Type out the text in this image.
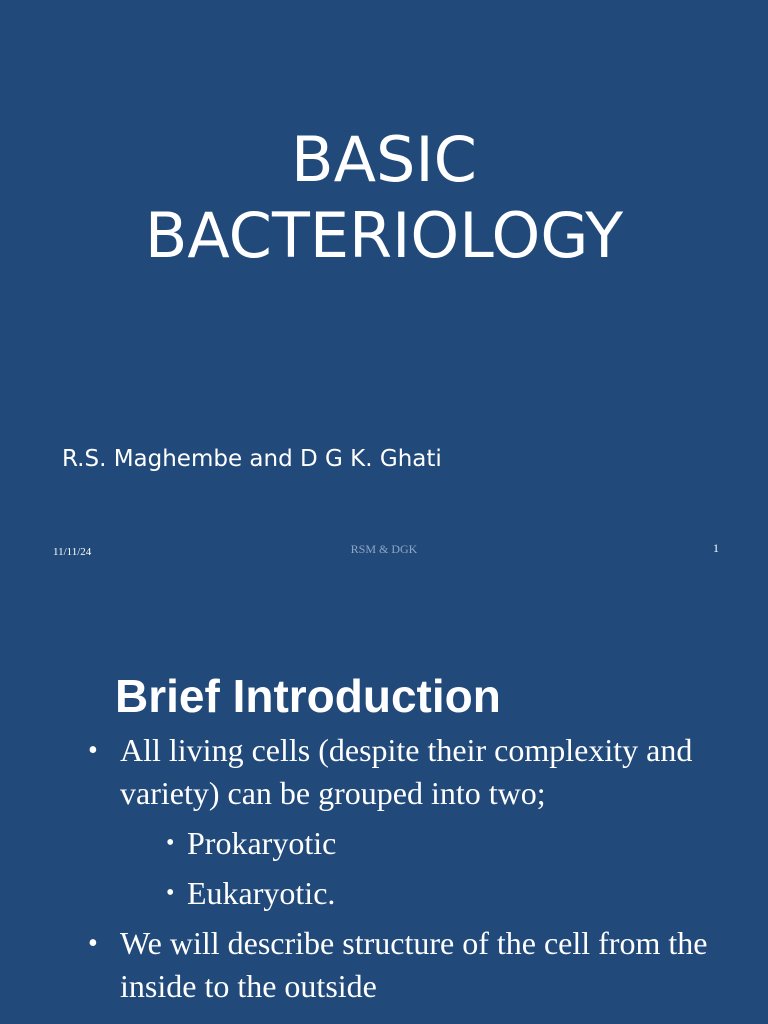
BASIC
BACTERIOLOGY
R.S. Maghembe and D G K. Ghati
11/11/24	RSM & DGK	1
Brief Introduction
• All living cells (despite their complexity and variety) can be grouped into two;
• Prokaryotic
• Eukaryotic.
• We will describe structure of the cell from the inside to the outside
